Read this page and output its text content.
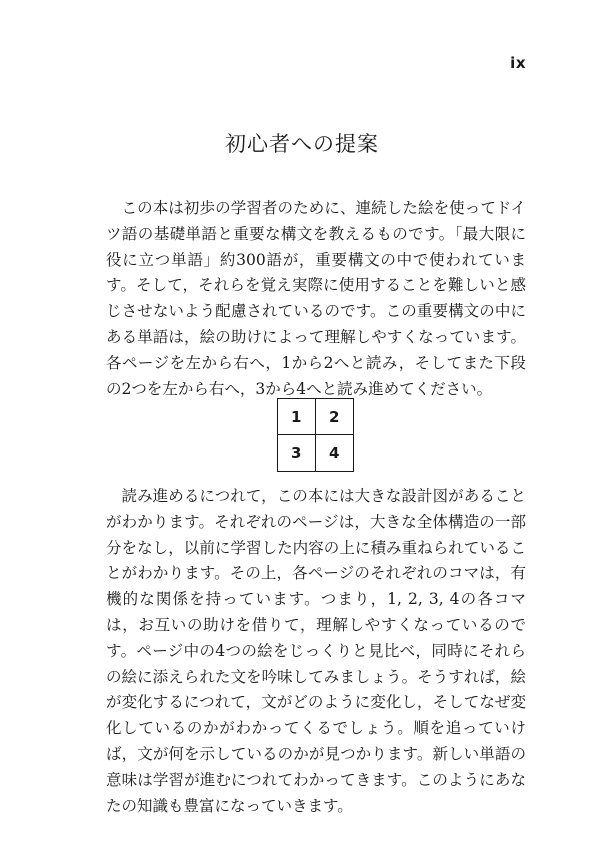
ix
初心者への提案

この本は初歩の学習者のために、連続した絵を使ってドイツ語の基礎単語と重要な構文を教えるものです。「最大限に役に立つ単語」約300語が，重要構文の中で使われています。そして，それらを覚え実際に使用することを難しいと感じさせないよう配慮されているのです。この重要構文の中にある単語は，絵の助けによって理解しやすくなっています。各ページを左から右へ，1から2へと読み，そしてまた下段の2つを左から右へ，3から4へと読み進めてください。

1	2
3	4

読み進めるにつれて，この本には大きな設計図があることがわかります。それぞれのページは，大きな全体構造の一部分をなし，以前に学習した内容の上に積み重ねられていることがわかります。その上，各ページのそれぞれのコマは，有機的な関係を持っています。つまり，1, 2, 3, 4の各コマは，お互いの助けを借りて，理解しやすくなっているのです。ページ中の4つの絵をじっくりと見比べ，同時にそれらの絵に添えられた文を吟味してみましょう。そうすれば，絵が変化するにつれて，文がどのように変化し，そしてなぜ変化しているのかがわかってくるでしょう。順を追っていけば，文が何を示しているのかが見つかります。新しい単語の意味は学習が進むにつれてわかってきます。このようにあなたの知識も豊富になっていきます。
